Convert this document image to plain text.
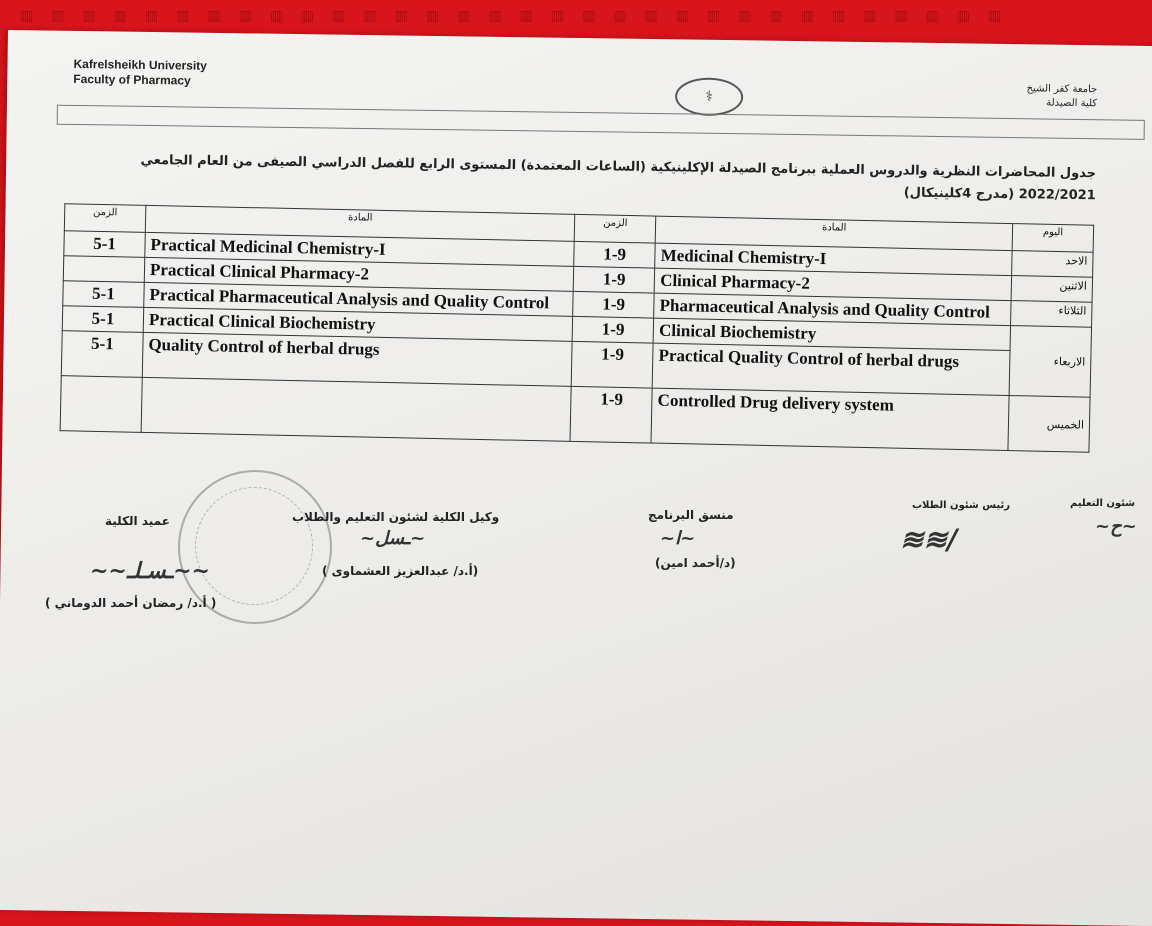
▥▥▥▥▥▥▥▥▥▥▥▥▥▥▥▥▥▥▥▥▥▥▥▥▥▥▥▥▥▥▥▥
Kafrelsheikh University
Faculty of Pharmacy
⚕	جامعة كفر الشيخ
كلية الصيدلة
جدول المحاضرات النظرية والدروس العملية ببرنامج الصيدلة الإكلينيكية (الساعات المعتمدة) المستوى الرابع للفصل الدراسي الصيفى من العام الجامعي
2022/2021 (مدرج 4كلينيكال)
الزمن	المادة	الزمن	المادة	اليوم
5-1	Practical Medicinal Chemistry-I	1-9	Medicinal Chemistry-I	الاحد
	Practical Clinical Pharmacy-2	1-9	Clinical Pharmacy-2	الاثنين
5-1	Practical Pharmaceutical Analysis and Quality Control	1-9	Pharmaceutical Analysis and Quality Control	الثلاثاء
5-1	Practical Clinical Biochemistry	1-9	Clinical Biochemistry	الاربعاء
5-1	Quality Control of herbal drugs	1-9	Practical Quality Control of herbal drugs	
		1-9	Controlled Drug delivery system	الخميس
شئون التعليم
~ح~
رئيس شئون الطلاب
≋≋/
منسق البرنامج
~ا~
(د/أحمد امين)
وكيل الكلية لشئون التعليم والطلاب
~ـسل~
(أ.د/ عبدالعزيز العشماوى )
عميد الكلية
~~ـسـلـ~~
( أ.د/ رمضان أحمد الدوماني )
